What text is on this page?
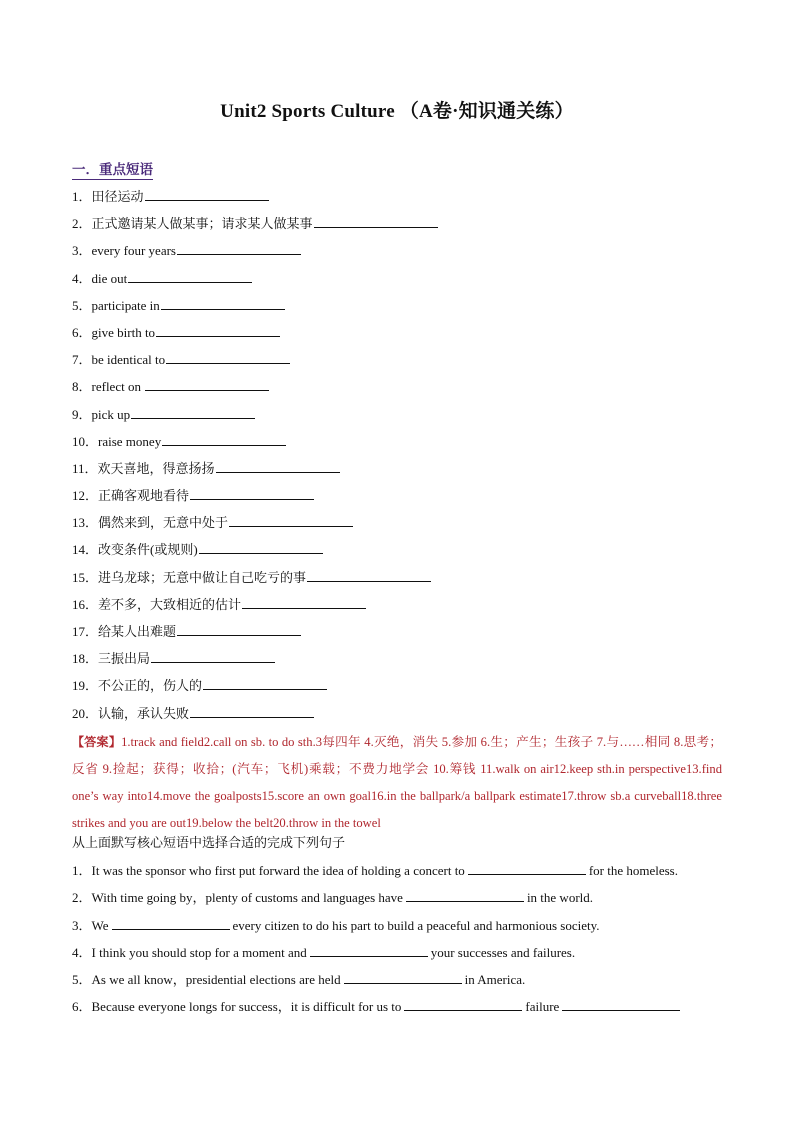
Unit2 Sports Culture （A卷·知识通关练）
一．重点短语
1．田径运动
2．正式邀请某人做某事；请求某人做某事
3．every four years
4．die out
5．participate in
6．give birth to
7．be identical to
8．reflect on
9．pick up
10．raise money
11．欢天喜地，得意扬扬
12．正确客观地看待
13．偶然来到，无意中处于
14．改变条件(或规则)
15．进乌龙球；无意中做让自己吃亏的事
16．差不多，大致相近的估计
17．给某人出难题
18．三振出局
19．不公正的，伤人的
20．认输，承认失败
【答案】1.track and field2.call on sb. to do sth.3每四年 4.灭绝，消失 5.参加 6.生；产生；生孩子 7.与……相同 8.思考；反省 9.捡起；获得；收拾；(汽车；飞机)乘载；不费力地学会 10.筹钱 11.walk on air12.keep sth.in perspective13.find one’s way into14.move the goalposts15.score an own goal16.in the ballpark/a ballpark estimate17.throw sb.a curveball18.three strikes and you are out19.below the belt20.throw in the towel
从上面默写核心短语中选择合适的完成下列句子
1．It was the sponsor who first put forward the idea of holding a concert to	for the homeless.
2．With time going by，plenty of customs and languages have	in the world.
3．We	every citizen to do his part to build a peaceful and harmonious society.
4．I think you should stop for a moment and	your successes and failures.
5．As we all know，presidential elections are held	in America.
6．Because everyone longs for success，it is difficult for us to	failure
